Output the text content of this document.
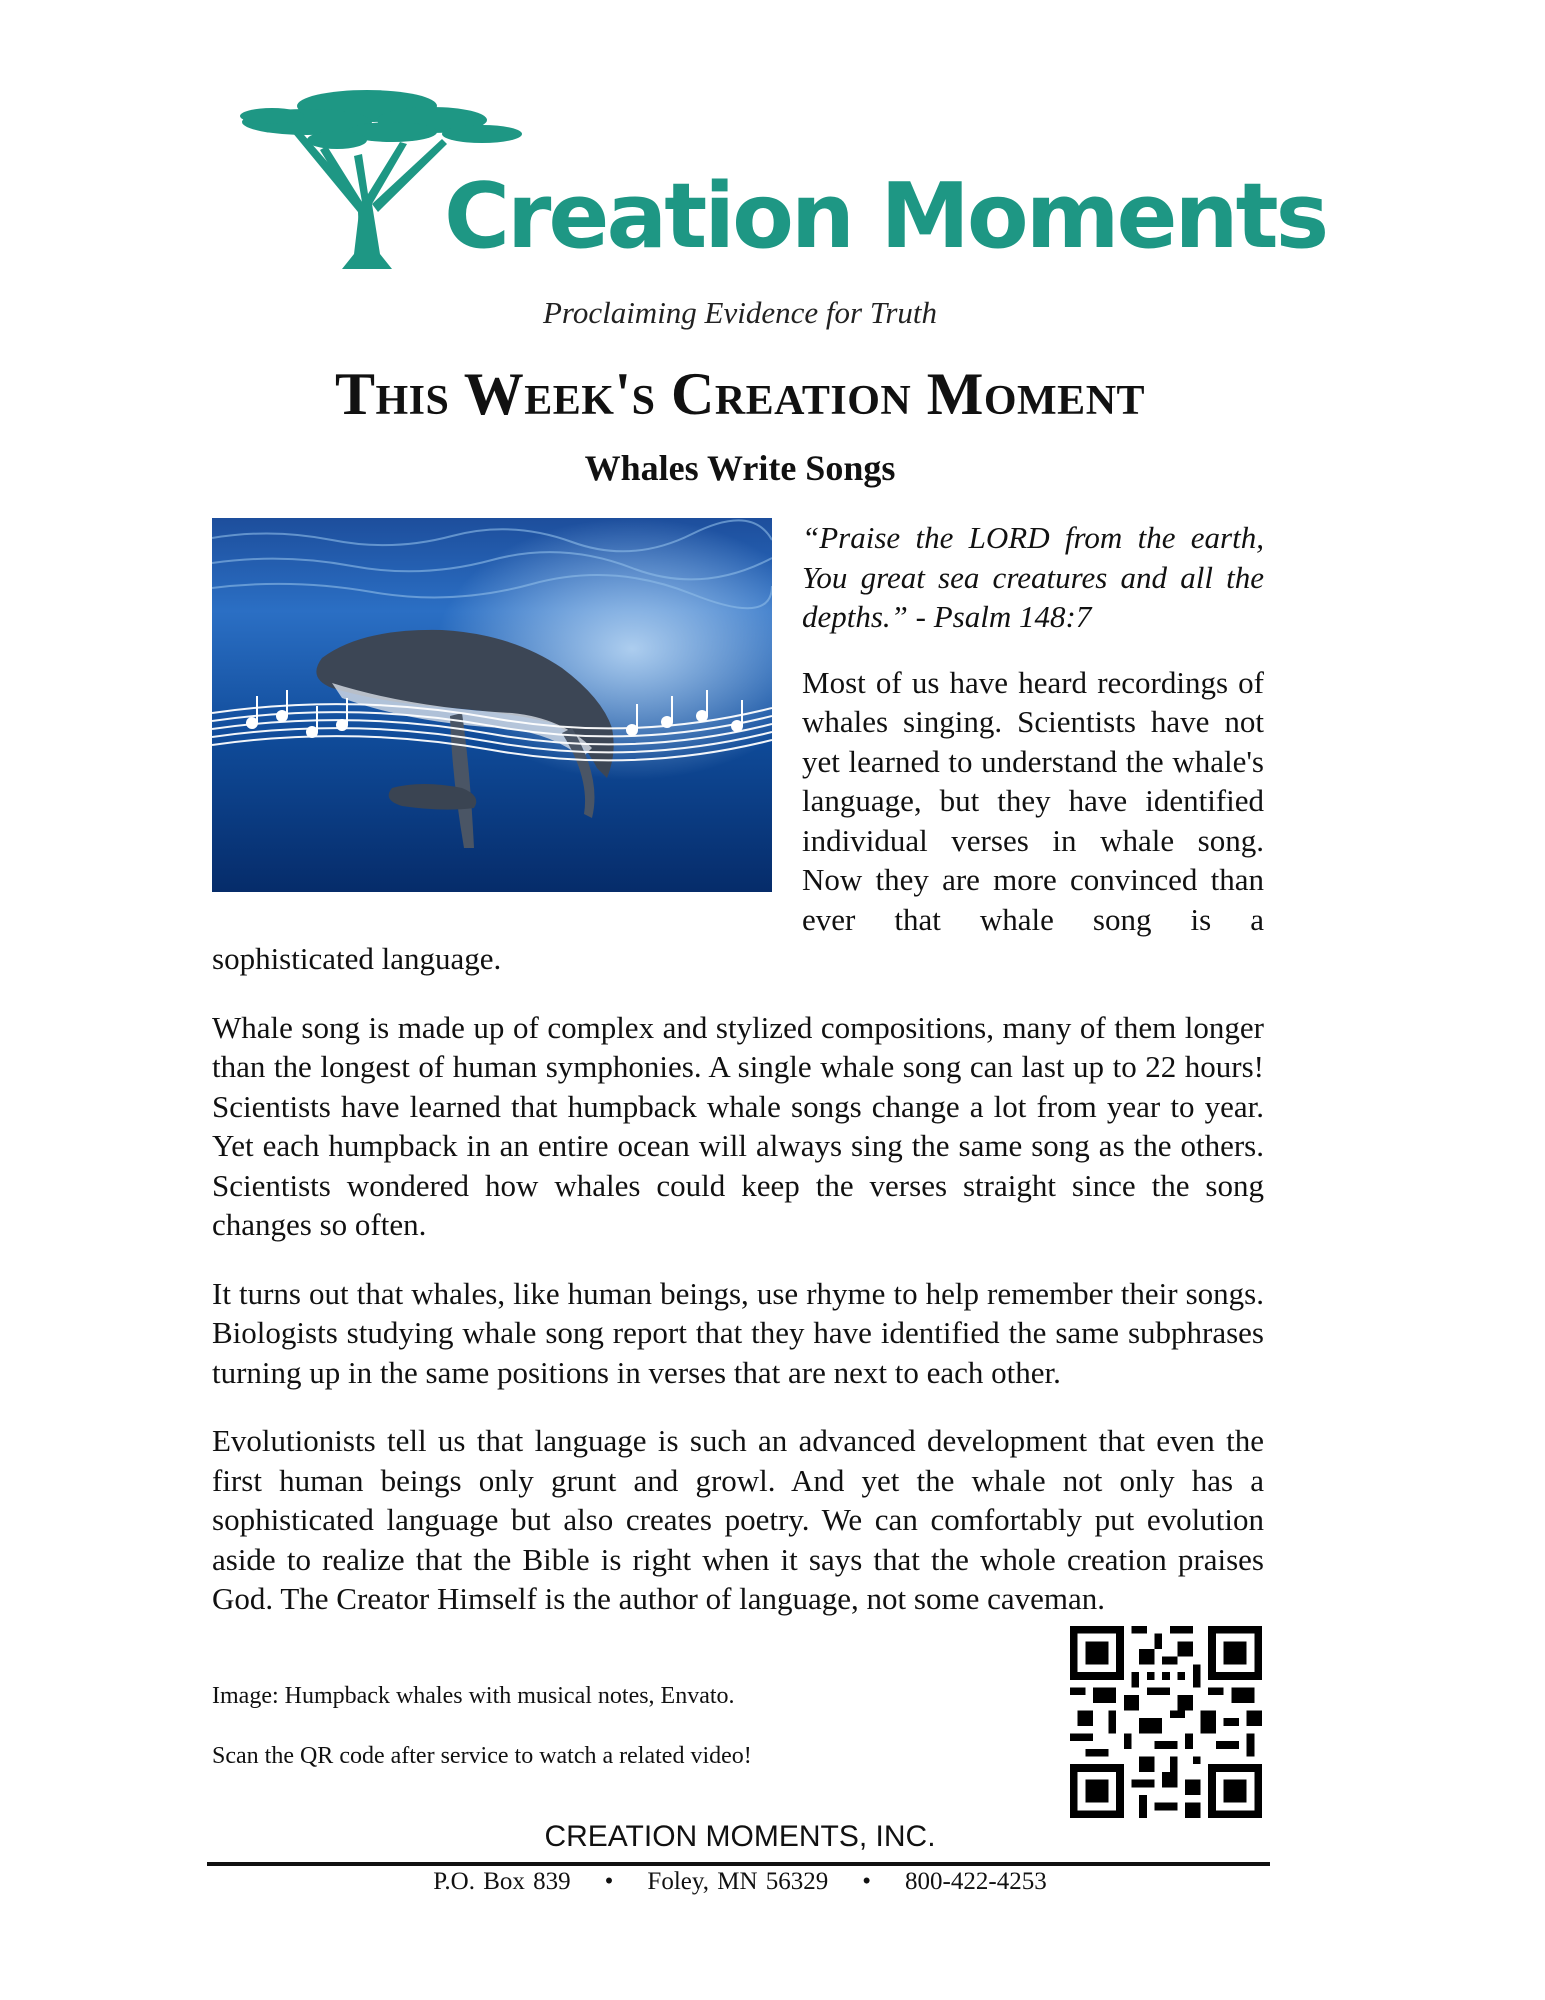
Creation Moments
Proclaiming Evidence for Truth
This Week's Creation Moment
Whales Write Songs

“Praise the LORD from the earth, You great sea creatures and all the depths.” - Psalm 148:7

Most of us have heard recordings of whales singing. Scientists have not yet learned to understand the whale's language, but they have identified individual verses in whale song. Now they are more convinced than ever that whale song is a sophisticated language.

Whale song is made up of complex and stylized compositions, many of them longer than the longest of human symphonies. A single whale song can last up to 22 hours! Scientists have learned that humpback whale songs change a lot from year to year. Yet each humpback in an entire ocean will always sing the same song as the others. Scientists wondered how whales could keep the verses straight since the song changes so often.

It turns out that whales, like human beings, use rhyme to help remember their songs. Biologists studying whale song report that they have identified the same subphrases turning up in the same positions in verses that are next to each other.

Evolutionists tell us that language is such an advanced development that even the first human beings only grunt and growl. And yet the whale not only has a sophisticated language but also creates poetry. We can comfortably put evolution aside to realize that the Bible is right when it says that the whole creation praises God. The Creator Himself is the author of language, not some caveman.

Image: Humpback whales with musical notes, Envato.
Scan the QR code after service to watch a related video!
CREATION MOMENTS, INC.
P.O. Box 839 • Foley, MN 56329 • 800-422-4253
